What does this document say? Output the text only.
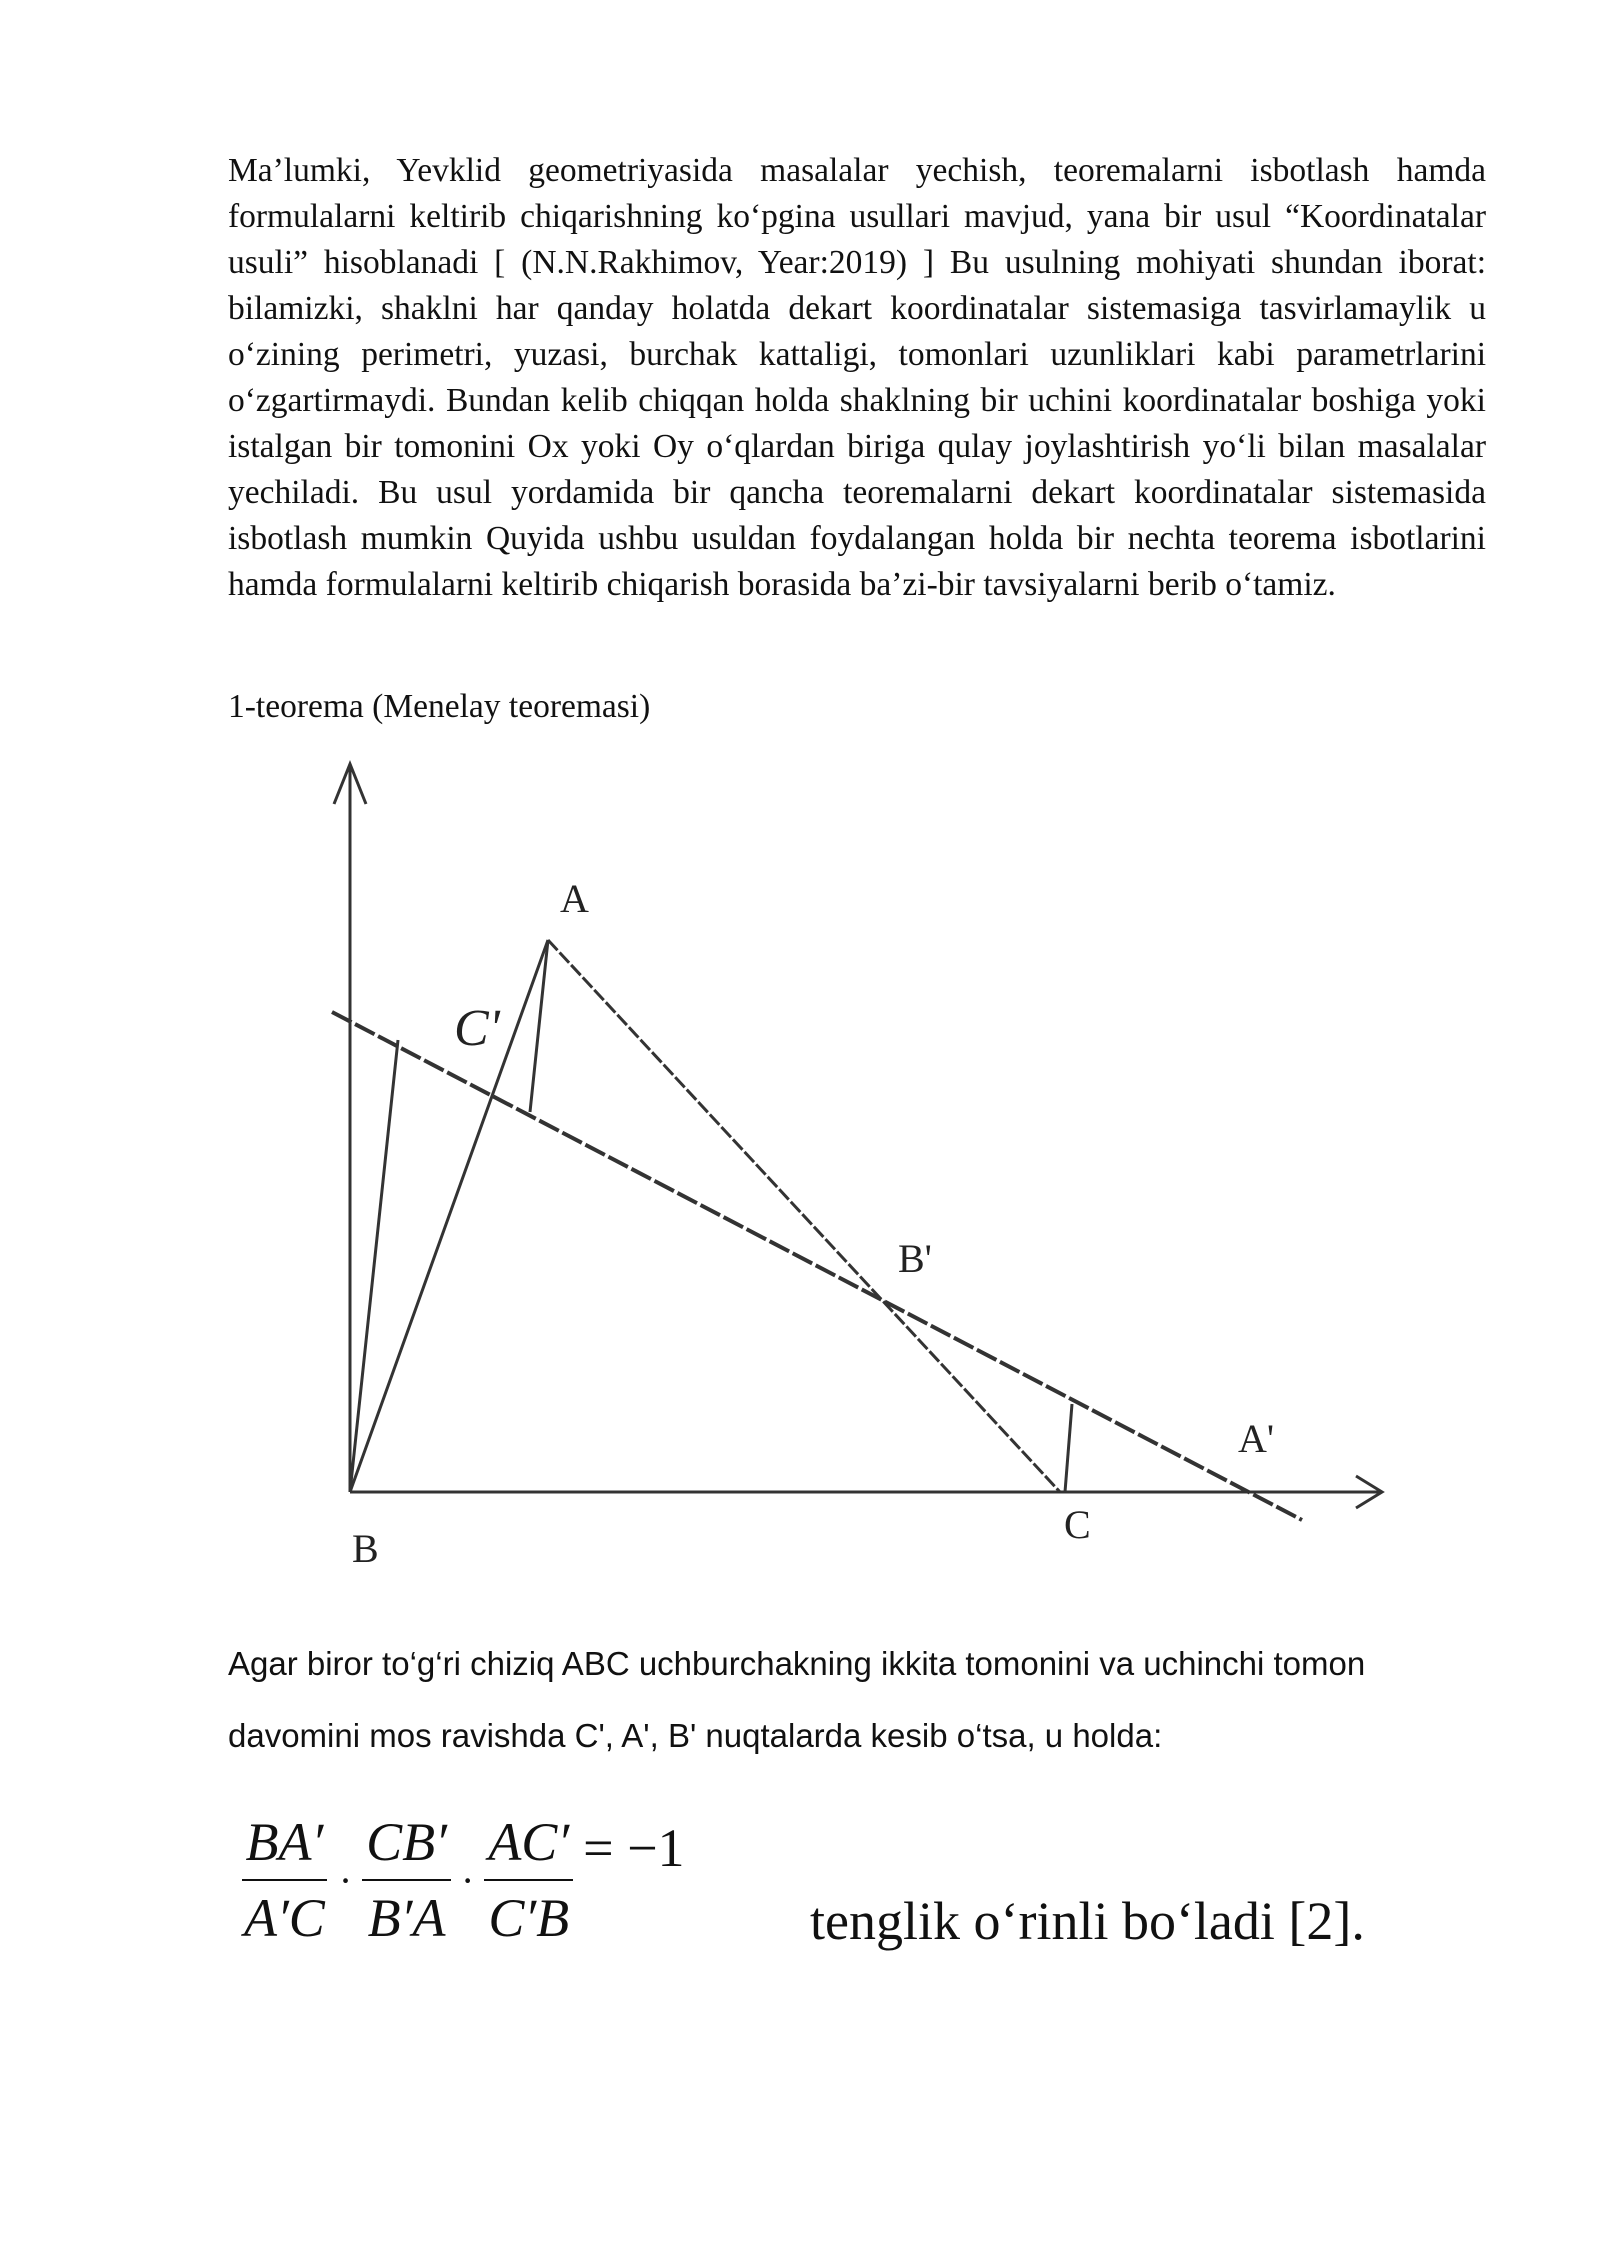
Ma’lumki, Yevklid geometriyasida masalalar yechish, teoremalarni isbotlash hamda formulalarni keltirib chiqarishning ko‘pgina usullari mavjud, yana bir usul “Koordinatalar usuli” hisoblanadi [ (N.N.Rakhimov, Year:2019) ] Bu usulning mohiyati shundan iborat: bilamizki, shaklni har qanday holatda dekart koordinatalar sistemasiga tasvirlamaylik u o‘zining perimetri, yuzasi, burchak kattaligi, tomonlari uzunliklari kabi parametrlarini o‘zgartirmaydi. Bundan kelib chiqqan holda shaklning bir uchini koordinatalar boshiga yoki istalgan bir tomonini Ox yoki Oy o‘qlardan biriga qulay joylashtirish yo‘li bilan masalalar yechiladi. Bu usul yordamida bir qancha teoremalarni dekart koordinatalar sistemasida isbotlash mumkin Quyida ushbu usuldan foydalangan holda bir nechta teorema isbotlarini hamda formulalarni keltirib chiqarish borasida ba’zi-bir tavsiyalarni berib o‘tamiz.

1-teorema (Menelay teoremasi)

A
C'
B'
A'
B
C

Agar biror to‘g‘ri chiziq ABC uchburchakning ikkita tomonini va uchinchi tomon

davomini mos ravishda C', A', B' nuqtalarda kesib o‘tsa, u holda:

$\frac{BA'}{A'C} \cdot \frac{CB'}{B'A} \cdot \frac{AC'}{C'B} = -1$
tenglik o‘rinli bo‘ladi [2].
